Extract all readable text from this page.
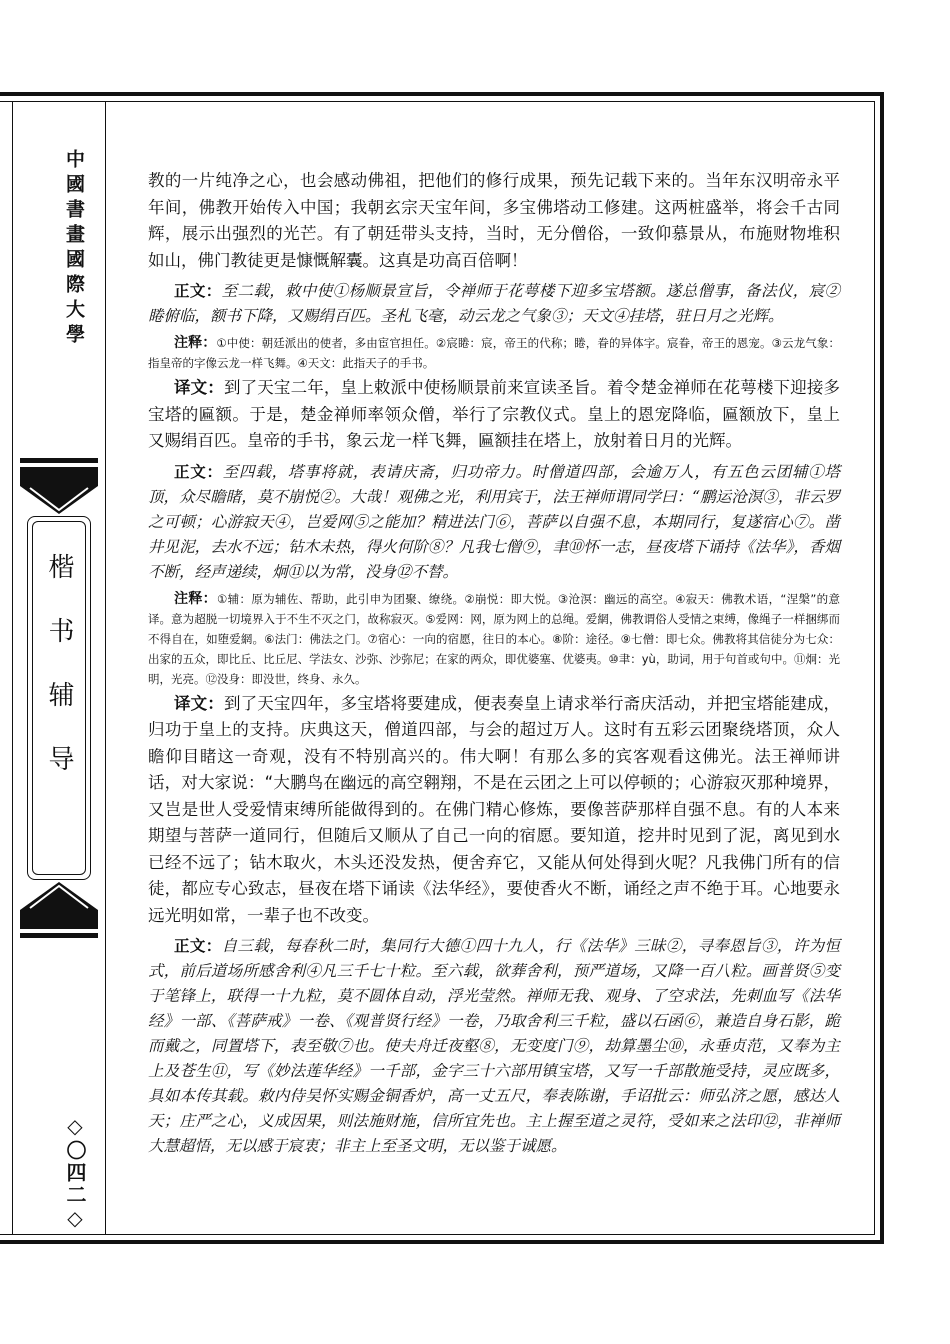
中國書畫國際大學
楷书辅导
◇〇四二◇

教的一片纯净之心，也会感动佛祖，把他们的修行成果，预先记载下来的。当年东汉明帝永平年间，佛教开始传入中国；我朝玄宗天宝年间，多宝佛塔动工修建。这两桩盛举，将会千古同辉，展示出强烈的光芒。有了朝廷带头支持，当时，无分僧俗，一致仰慕景从，布施财物堆积如山，佛门教徒更是慷慨解囊。这真是功高百倍啊！

正文：至二载，敕中使①杨顺景宣旨，令禅师于花萼楼下迎多宝塔额。遂总僧事，备法仪，宸②睠俯临，额书下降，又赐绢百匹。圣札飞毫，动云龙之气象③；天文④挂塔，驻日月之光辉。

注释：①中使：朝廷派出的使者，多由宦官担任。②宸睠：宸，帝王的代称；睠，眷的异体字。宸眷，帝王的恩宠。③云龙气象：指皇帝的字像云龙一样飞舞。④天文：此指天子的手书。

译文：到了天宝二年，皇上敕派中使杨顺景前来宣读圣旨。着令楚金禅师在花萼楼下迎接多宝塔的匾额。于是，楚金禅师率领众僧，举行了宗教仪式。皇上的恩宠降临，匾额放下，皇上又赐绢百匹。皇帝的手书，象云龙一样飞舞，匾额挂在塔上，放射着日月的光辉。

正文：至四载，塔事将就，表请庆斋，归功帝力。时僧道四部，会逾万人，有五色云团辅①塔顶，众尽瞻睹，莫不崩悦②。大哉！观佛之光，利用宾于，法王禅师谓同学曰：“鹏运沧溟③，非云罗之可顿；心游寂天④，岂爱网⑤之能加？精进法门⑥，菩萨以自强不息，本期同行，复遂宿心⑦。凿井见泥，去水不远；钻木未热，得火何阶⑧？凡我七僧⑨，聿⑩怀一志，昼夜塔下诵持《法华》，香烟不断，经声递续，炯⑪以为常，没身⑫不替。

注释：①辅：原为辅佐、帮助，此引申为团聚、缭绕。②崩悦：即大悦。③沧溟：幽远的高空。④寂天：佛教术语，“涅槃”的意译。意为超脱一切境界入于不生不灭之门，故称寂灭。⑤爱网：网，原为网上的总绳。爱網，佛教谓俗人受情之束缚，像绳子一样捆绑而不得自在，如堕爱網。⑥法门：佛法之门。⑦宿心：一向的宿愿，往日的本心。⑧阶：途径。⑨七僧：即七众。佛教将其信徒分为七众：出家的五众，即比丘、比丘尼、学法女、沙弥、沙弥尼；在家的两众，即优婆塞、优婆夷。⑩聿：yù，助词，用于句首或句中。⑪炯：光明，光亮。⑫没身：即没世，终身、永久。

译文：到了天宝四年，多宝塔将要建成，便表奏皇上请求举行斋庆活动，并把宝塔能建成，归功于皇上的支持。庆典这天，僧道四部，与会的超过万人。这时有五彩云团聚绕塔顶，众人瞻仰目睹这一奇观，没有不特别高兴的。伟大啊！有那么多的宾客观看这佛光。法王禅师讲话，对大家说：“大鹏鸟在幽远的高空翱翔，不是在云团之上可以停顿的；心游寂灭那种境界，又岂是世人受爱情束缚所能做得到的。在佛门精心修炼，要像菩萨那样自强不息。有的人本来期望与菩萨一道同行，但随后又顺从了自己一向的宿愿。要知道，挖井时见到了泥，离见到水已经不远了；钻木取火，木头还没发热，便舍弃它，又能从何处得到火呢？凡我佛门所有的信徒，都应专心致志，昼夜在塔下诵读《法华经》，要使香火不断，诵经之声不绝于耳。心地要永远光明如常，一辈子也不改变。

正文：自三载，每春秋二时，集同行大德①四十九人，行《法华》三昧②，寻奉恩旨③，许为恒式，前后道场所感舍利④凡三千七十粒。至六载，欲葬舍利，预严道场，又降一百八粒。画普贤⑤变于笔锋上，联得一十九粒，莫不圆体自动，浮光莹然。禅师无我、观身、了空求法，先刺血写《法华经》一部、《菩萨戒》一卷、《观普贤行经》一卷，乃取舍利三千粒，盛以石函⑥，兼造自身石影，跪而戴之，同置塔下，表至敬⑦也。使夫舟迁夜壑⑧，无变度门⑨，劫算墨尘⑩，永垂贞范，又奉为主上及苍生⑪，写《妙法莲华经》一千部，金字三十六部用镇宝塔，又写一千部散施受持，灵应既多，具如本传其载。敕内侍吴怀实赐金铜香炉，高一丈五尺，奉表陈谢，手诏批云：师弘济之愿，感达人天；庄严之心，义成因果，则法施财施，信所宜先也。主上握至道之灵符，受如来之法印⑫，非禅师大慧超悟，无以感于宸衷；非主上至圣文明，无以鉴于诚愿。
